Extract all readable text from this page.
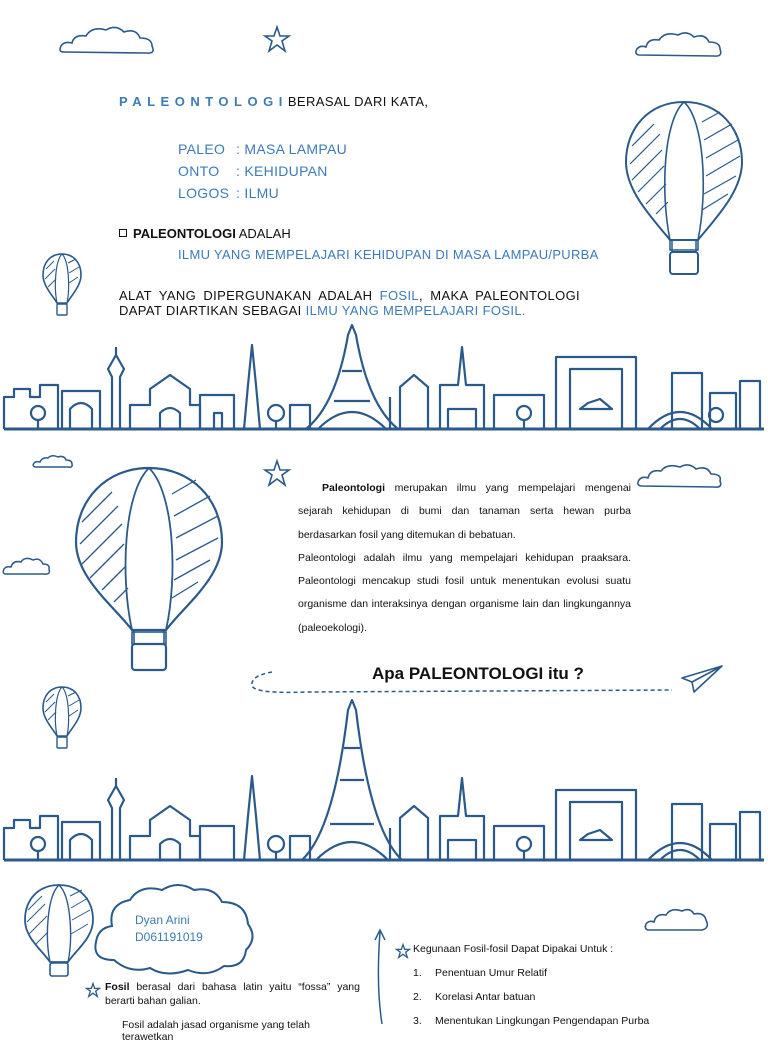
PALEONTOLOGIBERASAL DARI KATA,
PALEO : MASA LAMPAU
ONTO : KEHIDUPAN
LOGOS : ILMU
PALEONTOLOGI ADALAH
ILMU YANG MEMPELAJARI KEHIDUPAN DI MASA LAMPAU/PURBA
ALAT YANG DIPERGUNAKAN ADALAH FOSIL, MAKA PALEONTOLOGI DAPAT DIARTIKAN SEBAGAI ILMU YANG MEMPELAJARI FOSIL.

Paleontologi merupakan ilmu yang mempelajari mengenai sejarah kehidupan di bumi dan tanaman serta hewan purba berdasarkan fosil yang ditemukan di bebatuan.

Paleontologi adalah ilmu yang mempelajari kehidupan praaksara. Paleontologi mencakup studi fosil untuk menentukan evolusi suatu organisme dan interaksinya dengan organisme lain dan lingkungannya (paleoekologi).

Apa PALEONTOLOGI itu ?
Dyan Arini
D061191019
Fosil berasal dari bahasa latin yaitu “fossa” yang berarti bahan galian.
Fosil adalah jasad organisme yang telah terawetkan
Kegunaan Fosil-fosil Dapat Dipakai Untuk :
1. Penentuan Umur Relatif
2. Korelasi Antar batuan
3. Menentukan Lingkungan Pengendapan Purba
